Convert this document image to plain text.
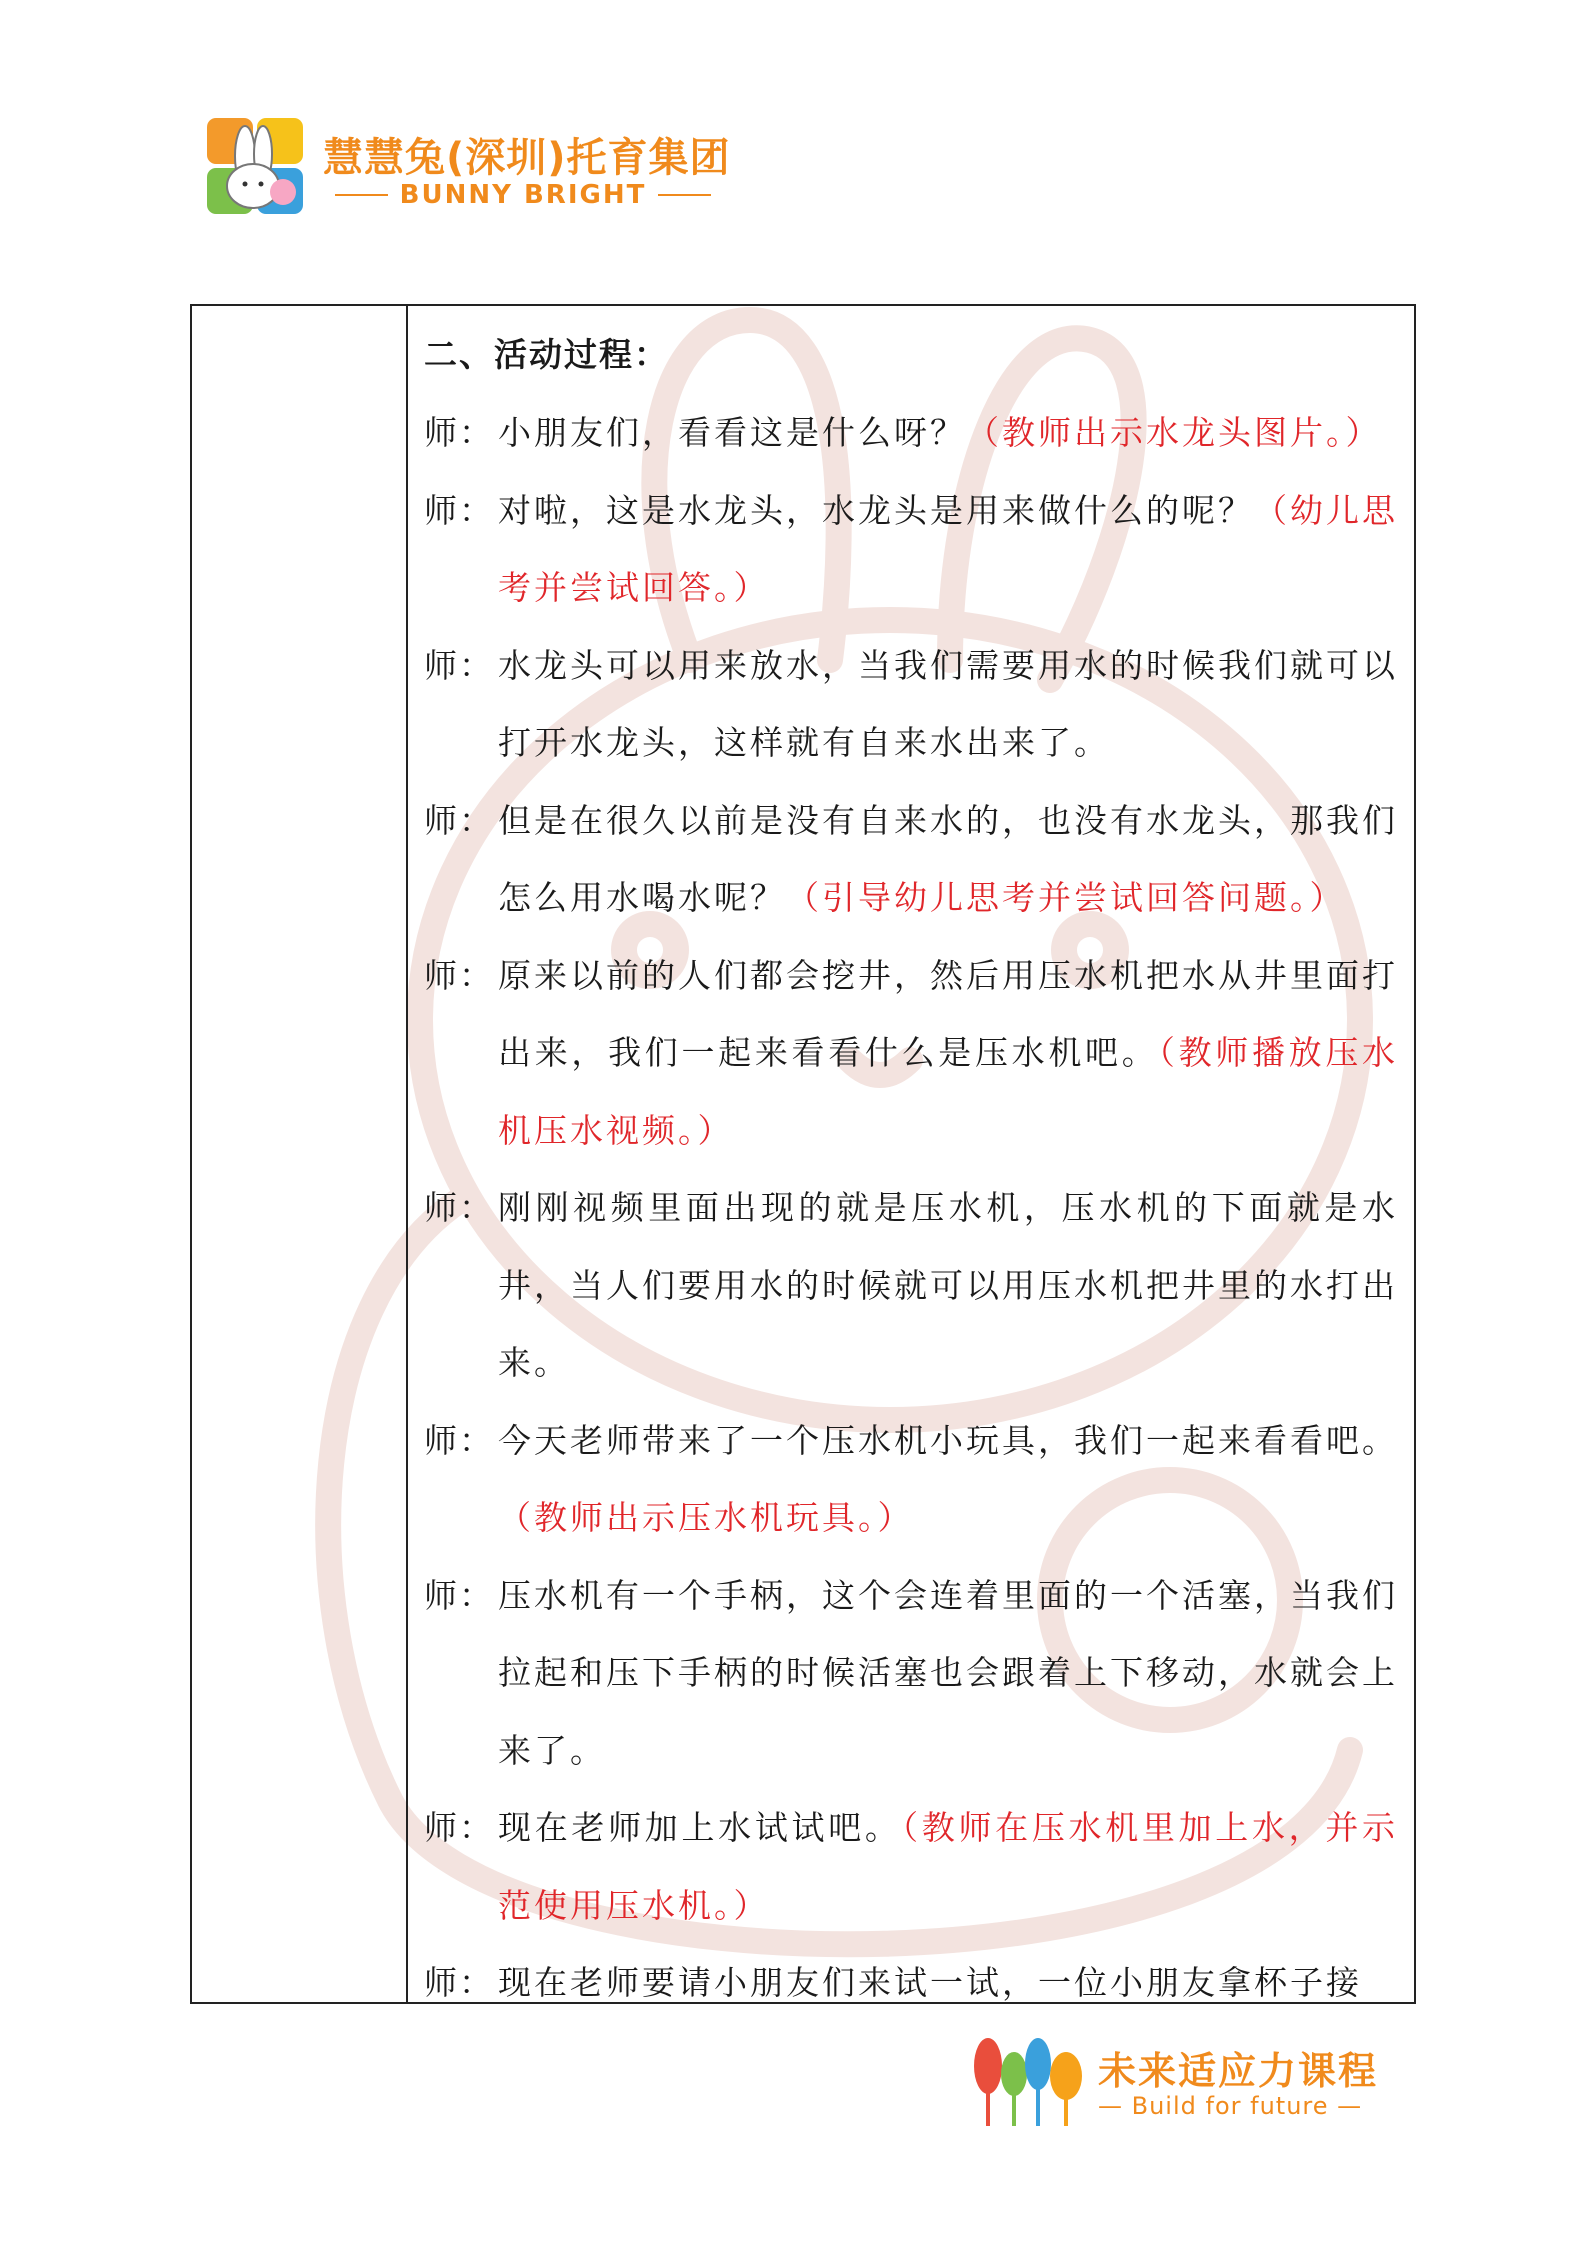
慧慧兔(深圳)托育集团
BUNNY BRIGHT
二、活动过程：
师： 小朋友们，看看这是什么呀？（教师出示水龙头图片。）
师： 对啦，这是水龙头，水龙头是用来做什么的呢？（幼儿思考并尝试回答。）
师： 水龙头可以用来放水，当我们需要用水的时候我们就可以打开水龙头，这样就有自来水出来了。
师： 但是在很久以前是没有自来水的，也没有水龙头，那我们怎么用水喝水呢？（引导幼儿思考并尝试回答问题。）
师： 原来以前的人们都会挖井，然后用压水机把水从井里面打出来，我们一起来看看什么是压水机吧。（教师播放压水机压水视频。）
师： 刚刚视频里面出现的就是压水机，压水机的下面就是水井，当人们要用水的时候就可以用压水机把井里的水打出来。
师： 今天老师带来了一个压水机小玩具，我们一起来看看吧。（教师出示压水机玩具。）
师： 压水机有一个手柄，这个会连着里面的一个活塞，当我们拉起和压下手柄的时候活塞也会跟着上下移动，水就会上来了。
师： 现在老师加上水试试吧。（教师在压水机里加上水，并示范使用压水机。）
师： 现在老师要请小朋友们来试一试，一位小朋友拿杯子接
未来适应力课程
— Build for future —
